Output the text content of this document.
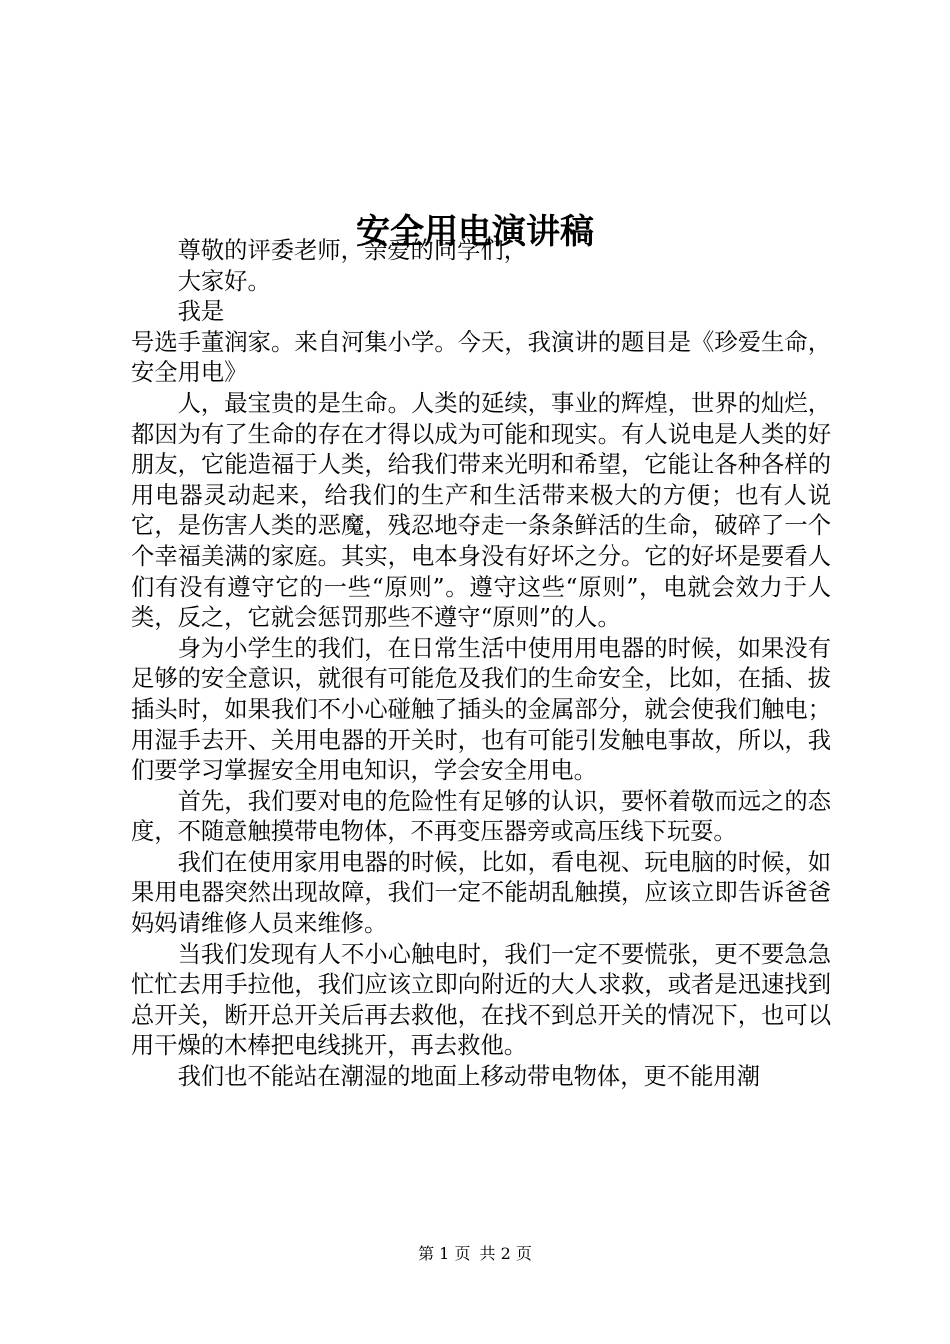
安全用电演讲稿

尊敬的评委老师，亲爱的同学们，

大家好。

我是

号选手董润家。来自河集小学。今天，我演讲的题目是《珍爱生命，安全用电》

人，最宝贵的是生命。人类的延续，事业的辉煌，世界的灿烂，都因为有了生命的存在才得以成为可能和现实。有人说电是人类的好朋友，它能造福于人类，给我们带来光明和希望，它能让各种各样的用电器灵动起来，给我们的生产和生活带来极大的方便；也有人说它，是伤害人类的恶魔，残忍地夺走一条条鲜活的生命，破碎了一个个幸福美满的家庭。其实，电本身没有好坏之分。它的好坏是要看人们有没有遵守它的一些“原则”。遵守这些“原则”，电就会效力于人类，反之，它就会惩罚那些不遵守“原则”的人。

身为小学生的我们，在日常生活中使用用电器的时候，如果没有足够的安全意识，就很有可能危及我们的生命安全，比如，在插、拔插头时，如果我们不小心碰触了插头的金属部分，就会使我们触电；用湿手去开、关用电器的开关时，也有可能引发触电事故，所以，我们要学习掌握安全用电知识，学会安全用电。

首先，我们要对电的危险性有足够的认识，要怀着敬而远之的态度，不随意触摸带电物体，不再变压器旁或高压线下玩耍。

我们在使用家用电器的时候，比如，看电视、玩电脑的时候，如果用电器突然出现故障，我们一定不能胡乱触摸，应该立即告诉爸爸妈妈请维修人员来维修。

当我们发现有人不小心触电时，我们一定不要慌张，更不要急急忙忙去用手拉他，我们应该立即向附近的大人求救，或者是迅速找到总开关，断开总开关后再去救他，在找不到总开关的情况下，也可以用干燥的木棒把电线挑开，再去救他。

我们也不能站在潮湿的地面上移动带电物体，更不能用潮

第 1 页 共 2 页
